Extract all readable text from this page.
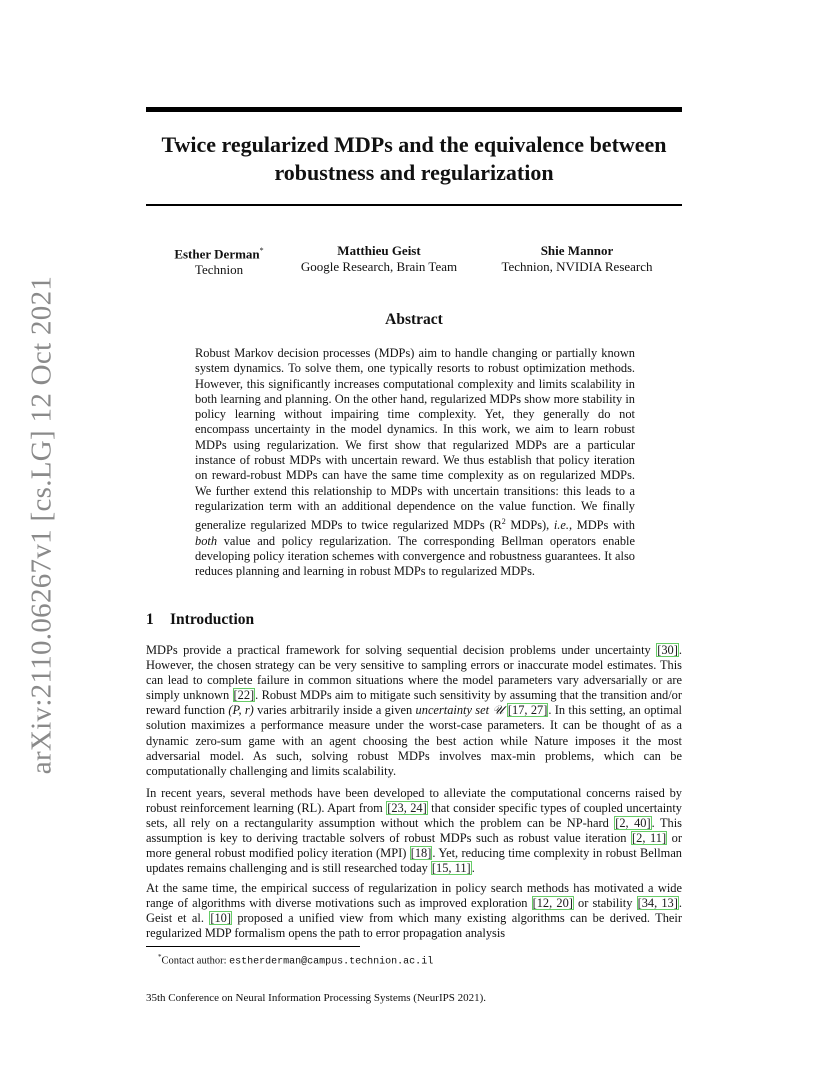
arXiv:2110.06267v1 [cs.LG] 12 Oct 2021
Twice regularized MDPs and the equivalence between robustness and regularization
Esther Derman*
Technion
Matthieu Geist
Google Research, Brain Team
Shie Mannor
Technion, NVIDIA Research
Abstract

Robust Markov decision processes (MDPs) aim to handle changing or partially known system dynamics. To solve them, one typically resorts to robust optimization methods. However, this significantly increases computational complexity and limits scalability in both learning and planning. On the other hand, regularized MDPs show more stability in policy learning without impairing time complexity. Yet, they generally do not encompass uncertainty in the model dynamics. In this work, we aim to learn robust MDPs using regularization. We first show that regularized MDPs are a particular instance of robust MDPs with uncertain reward. We thus establish that policy iteration on reward-robust MDPs can have the same time complexity as on regularized MDPs. We further extend this relationship to MDPs with uncertain transitions: this leads to a regularization term with an additional dependence on the value function. We finally generalize regularized MDPs to twice regularized MDPs ($R^2$ MDPs), i.e., MDPs with both value and policy regularization. The corresponding Bellman operators enable developing policy iteration schemes with convergence and robustness guarantees. It also reduces planning and learning in robust MDPs to regularized MDPs.

1 Introduction

MDPs provide a practical framework for solving sequential decision problems under uncertainty [30]. However, the chosen strategy can be very sensitive to sampling errors or inaccurate model estimates. This can lead to complete failure in common situations where the model parameters vary adversarially or are simply unknown [22]. Robust MDPs aim to mitigate such sensitivity by assuming that the transition and/or reward function (P, r) varies arbitrarily inside a given uncertainty set 𝒰 [17, 27]. In this setting, an optimal solution maximizes a performance measure under the worst-case parameters. It can be thought of as a dynamic zero-sum game with an agent choosing the best action while Nature imposes it the most adversarial model. As such, solving robust MDPs involves max-min problems, which can be computationally challenging and limits scalability.

In recent years, several methods have been developed to alleviate the computational concerns raised by robust reinforcement learning (RL). Apart from [23, 24] that consider specific types of coupled uncertainty sets, all rely on a rectangularity assumption without which the problem can be NP-hard [2, 40]. This assumption is key to deriving tractable solvers of robust MDPs such as robust value iteration [2, 11] or more general robust modified policy iteration (MPI) [18]. Yet, reducing time complexity in robust Bellman updates remains challenging and is still researched today [15, 11].

At the same time, the empirical success of regularization in policy search methods has motivated a wide range of algorithms with diverse motivations such as improved exploration [12, 20] or stability [34, 13]. Geist et al. [10] proposed a unified view from which many existing algorithms can be derived. Their regularized MDP formalism opens the path to error propagation analysis

*Contact author: estherderman@campus.technion.ac.il

35th Conference on Neural Information Processing Systems (NeurIPS 2021).
